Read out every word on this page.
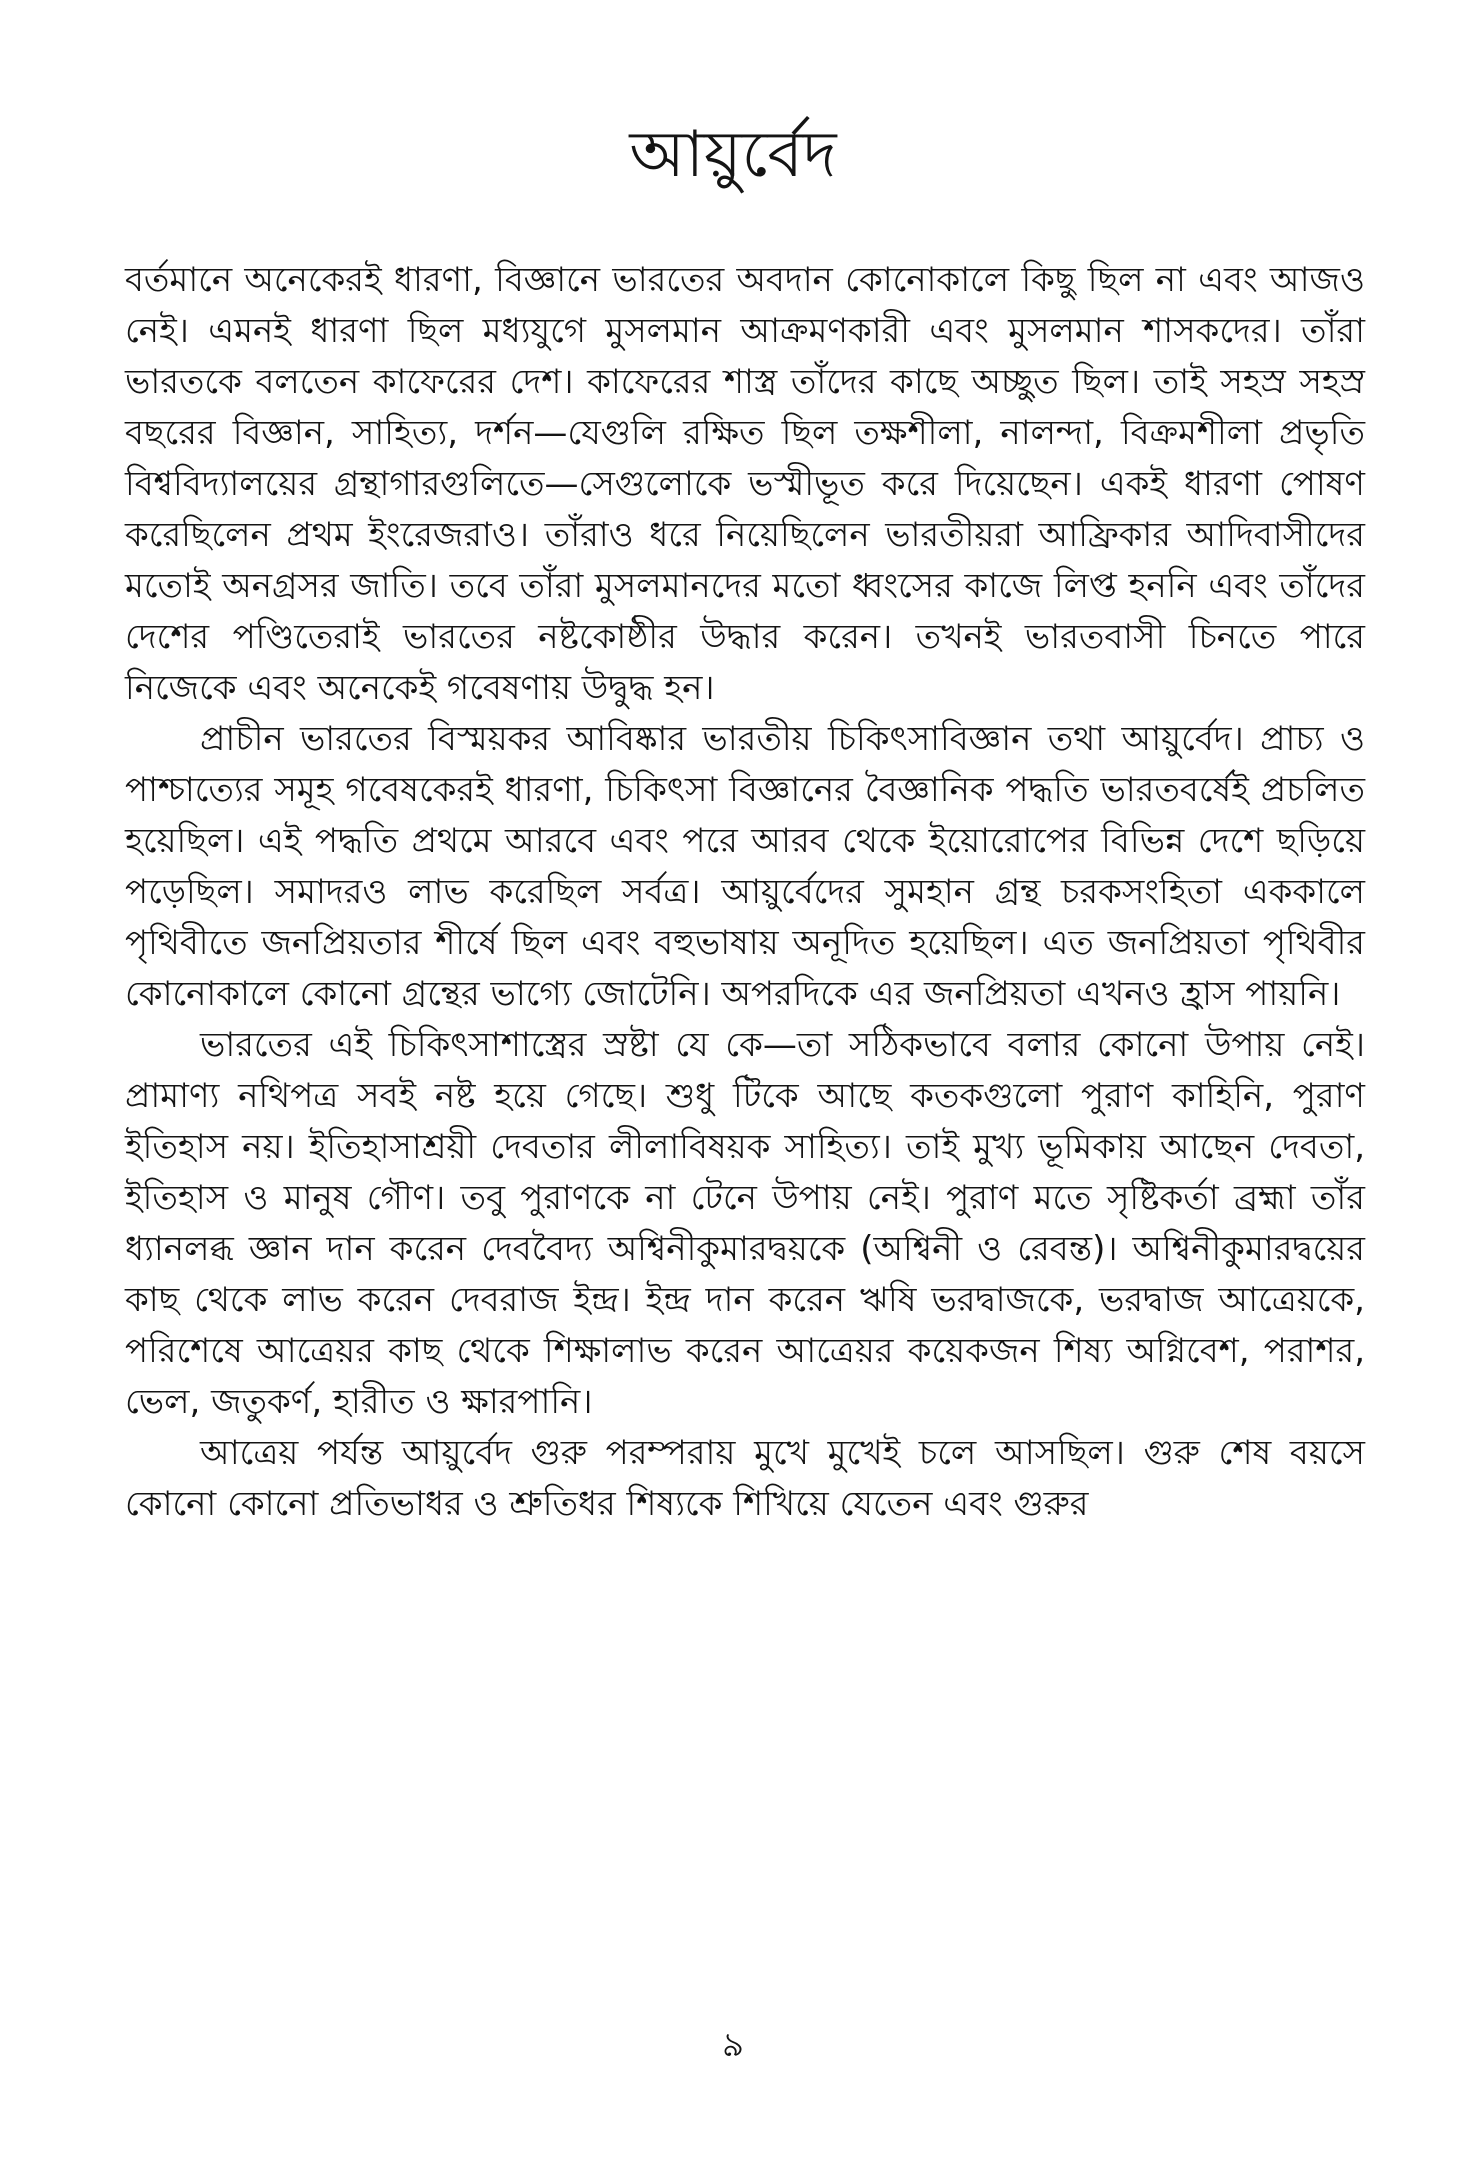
আয়ুর্বেদ

বর্তমানে অনেকেরই ধারণা, বিজ্ঞানে ভারতের অবদান কোনোকালে কিছু ছিল না এবং আজও নেই। এমনই ধারণা ছিল মধ্যযুগে মুসলমান আক্রমণকারী এবং মুসলমান শাসকদের। তাঁরা ভারতকে বলতেন কাফেরের দেশ। কাফেরের শাস্ত্র তাঁদের কাছে অচ্ছুত ছিল। তাই সহস্র সহস্র বছরের বিজ্ঞান, সাহিত্য, দর্শন—যেগুলি রক্ষিত ছিল তক্ষশীলা, নালন্দা, বিক্রমশীলা প্রভৃতি বিশ্ববিদ্যালয়ের গ্রন্থাগারগুলিতে—সেগুলোকে ভস্মীভূত করে দিয়েছেন। একই ধারণা পোষণ করেছিলেন প্রথম ইংরেজরাও। তাঁরাও ধরে নিয়েছিলেন ভারতীয়রা আফ্রিকার আদিবাসীদের মতোই অনগ্রসর জাতি। তবে তাঁরা মুসলমানদের মতো ধ্বংসের কাজে লিপ্ত হননি এবং তাঁদের দেশের পণ্ডিতেরাই ভারতের নষ্টকোষ্ঠীর উদ্ধার করেন। তখনই ভারতবাসী চিনতে পারে নিজেকে এবং অনেকেই গবেষণায় উদ্বুদ্ধ হন।

প্রাচীন ভারতের বিস্ময়কর আবিষ্কার ভারতীয় চিকিৎসাবিজ্ঞান তথা আয়ুর্বেদ। প্রাচ্য ও পাশ্চাত্যের সমূহ গবেষকেরই ধারণা, চিকিৎসা বিজ্ঞানের বৈজ্ঞানিক পদ্ধতি ভারতবর্ষেই প্রচলিত হয়েছিল। এই পদ্ধতি প্রথমে আরবে এবং পরে আরব থেকে ইয়োরোপের বিভিন্ন দেশে ছড়িয়ে পড়েছিল। সমাদরও লাভ করেছিল সর্বত্র। আয়ুর্বেদের সুমহান গ্রন্থ চরকসংহিতা এককালে পৃথিবীতে জনপ্রিয়তার শীর্ষে ছিল এবং বহুভাষায় অনূদিত হয়েছিল। এত জনপ্রিয়তা পৃথিবীর কোনোকালে কোনো গ্রন্থের ভাগ্যে জোটেনি। অপরদিকে এর জনপ্রিয়তা এখনও হ্রাস পায়নি।

ভারতের এই চিকিৎসাশাস্ত্রের স্রষ্টা যে কে—তা সঠিকভাবে বলার কোনো উপায় নেই। প্রামাণ্য নথিপত্র সবই নষ্ট হয়ে গেছে। শুধু টিকে আছে কতকগুলো পুরাণ কাহিনি, পুরাণ ইতিহাস নয়। ইতিহাসাশ্রয়ী দেবতার লীলাবিষয়ক সাহিত্য। তাই মুখ্য ভূমিকায় আছেন দেবতা, ইতিহাস ও মানুষ গৌণ। তবু পুরাণকে না টেনে উপায় নেই। পুরাণ মতে সৃষ্টিকর্তা ব্রহ্মা তাঁর ধ্যানলব্ধ জ্ঞান দান করেন দেববৈদ্য অশ্বিনীকুমারদ্বয়কে (অশ্বিনী ও রেবন্ত)। অশ্বিনীকুমারদ্বয়ের কাছ থেকে লাভ করেন দেবরাজ ইন্দ্র। ইন্দ্র দান করেন ঋষি ভরদ্বাজকে, ভরদ্বাজ আত্রেয়কে, পরিশেষে আত্রেয়র কাছ থেকে শিক্ষালাভ করেন আত্রেয়র কয়েকজন শিষ্য অগ্নিবেশ, পরাশর, ভেল, জতুকর্ণ, হারীত ও ক্ষারপানি।

আত্রেয় পর্যন্ত আয়ুর্বেদ গুরু পরম্পরায় মুখে মুখেই চলে আসছিল। গুরু শেষ বয়সে কোনো কোনো প্রতিভাধর ও শ্রুতিধর শিষ্যকে শিখিয়ে যেতেন এবং গুরুর

৯
